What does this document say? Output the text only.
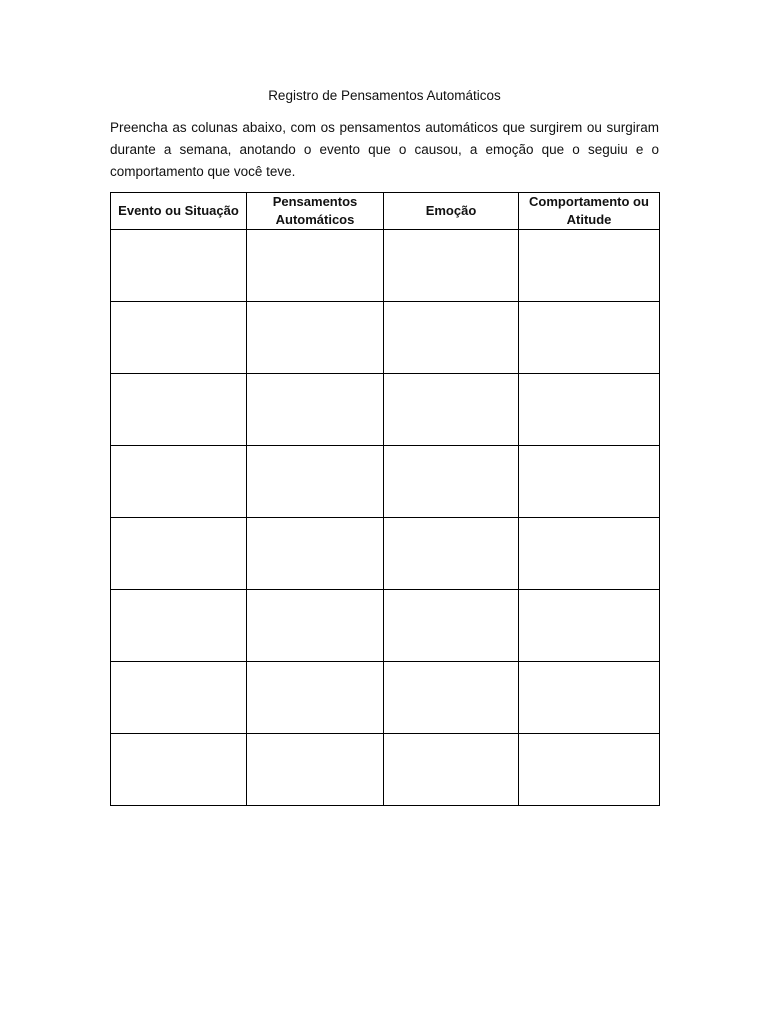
Registro de Pensamentos Automáticos

Preencha as colunas abaixo, com os pensamentos automáticos que surgirem ou surgiram durante a semana, anotando o evento que o causou, a emoção que o seguiu e o comportamento que você teve.

Evento ou Situação	Pensamentos Automáticos	Emoção	Comportamento ou Atitude
